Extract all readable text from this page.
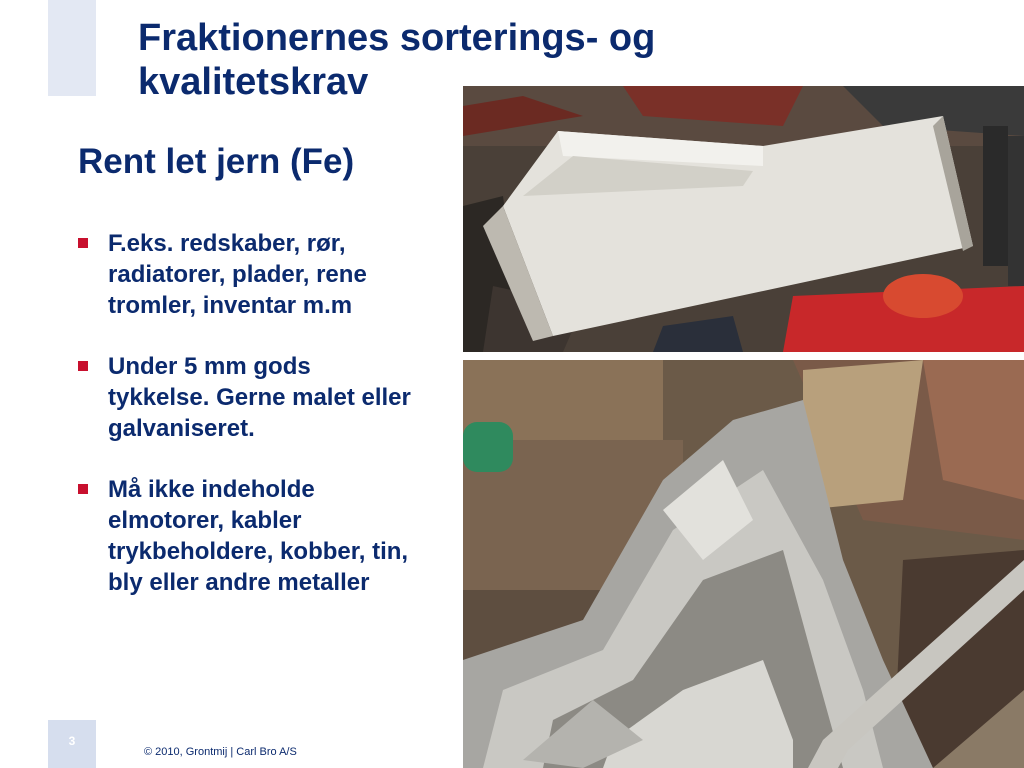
Fraktionernes sorterings- og kvalitetskrav
Rent let jern (Fe)
F.eks. redskaber, rør, radiatorer, plader, rene tromler, inventar m.m
Under 5 mm gods tykkelse. Gerne malet eller galvaniseret.
Må ikke indeholde elmotorer, kabler trykbeholdere, kobber, tin, bly eller andre metaller
3
© 2010, Grontmij | Carl Bro A/S
